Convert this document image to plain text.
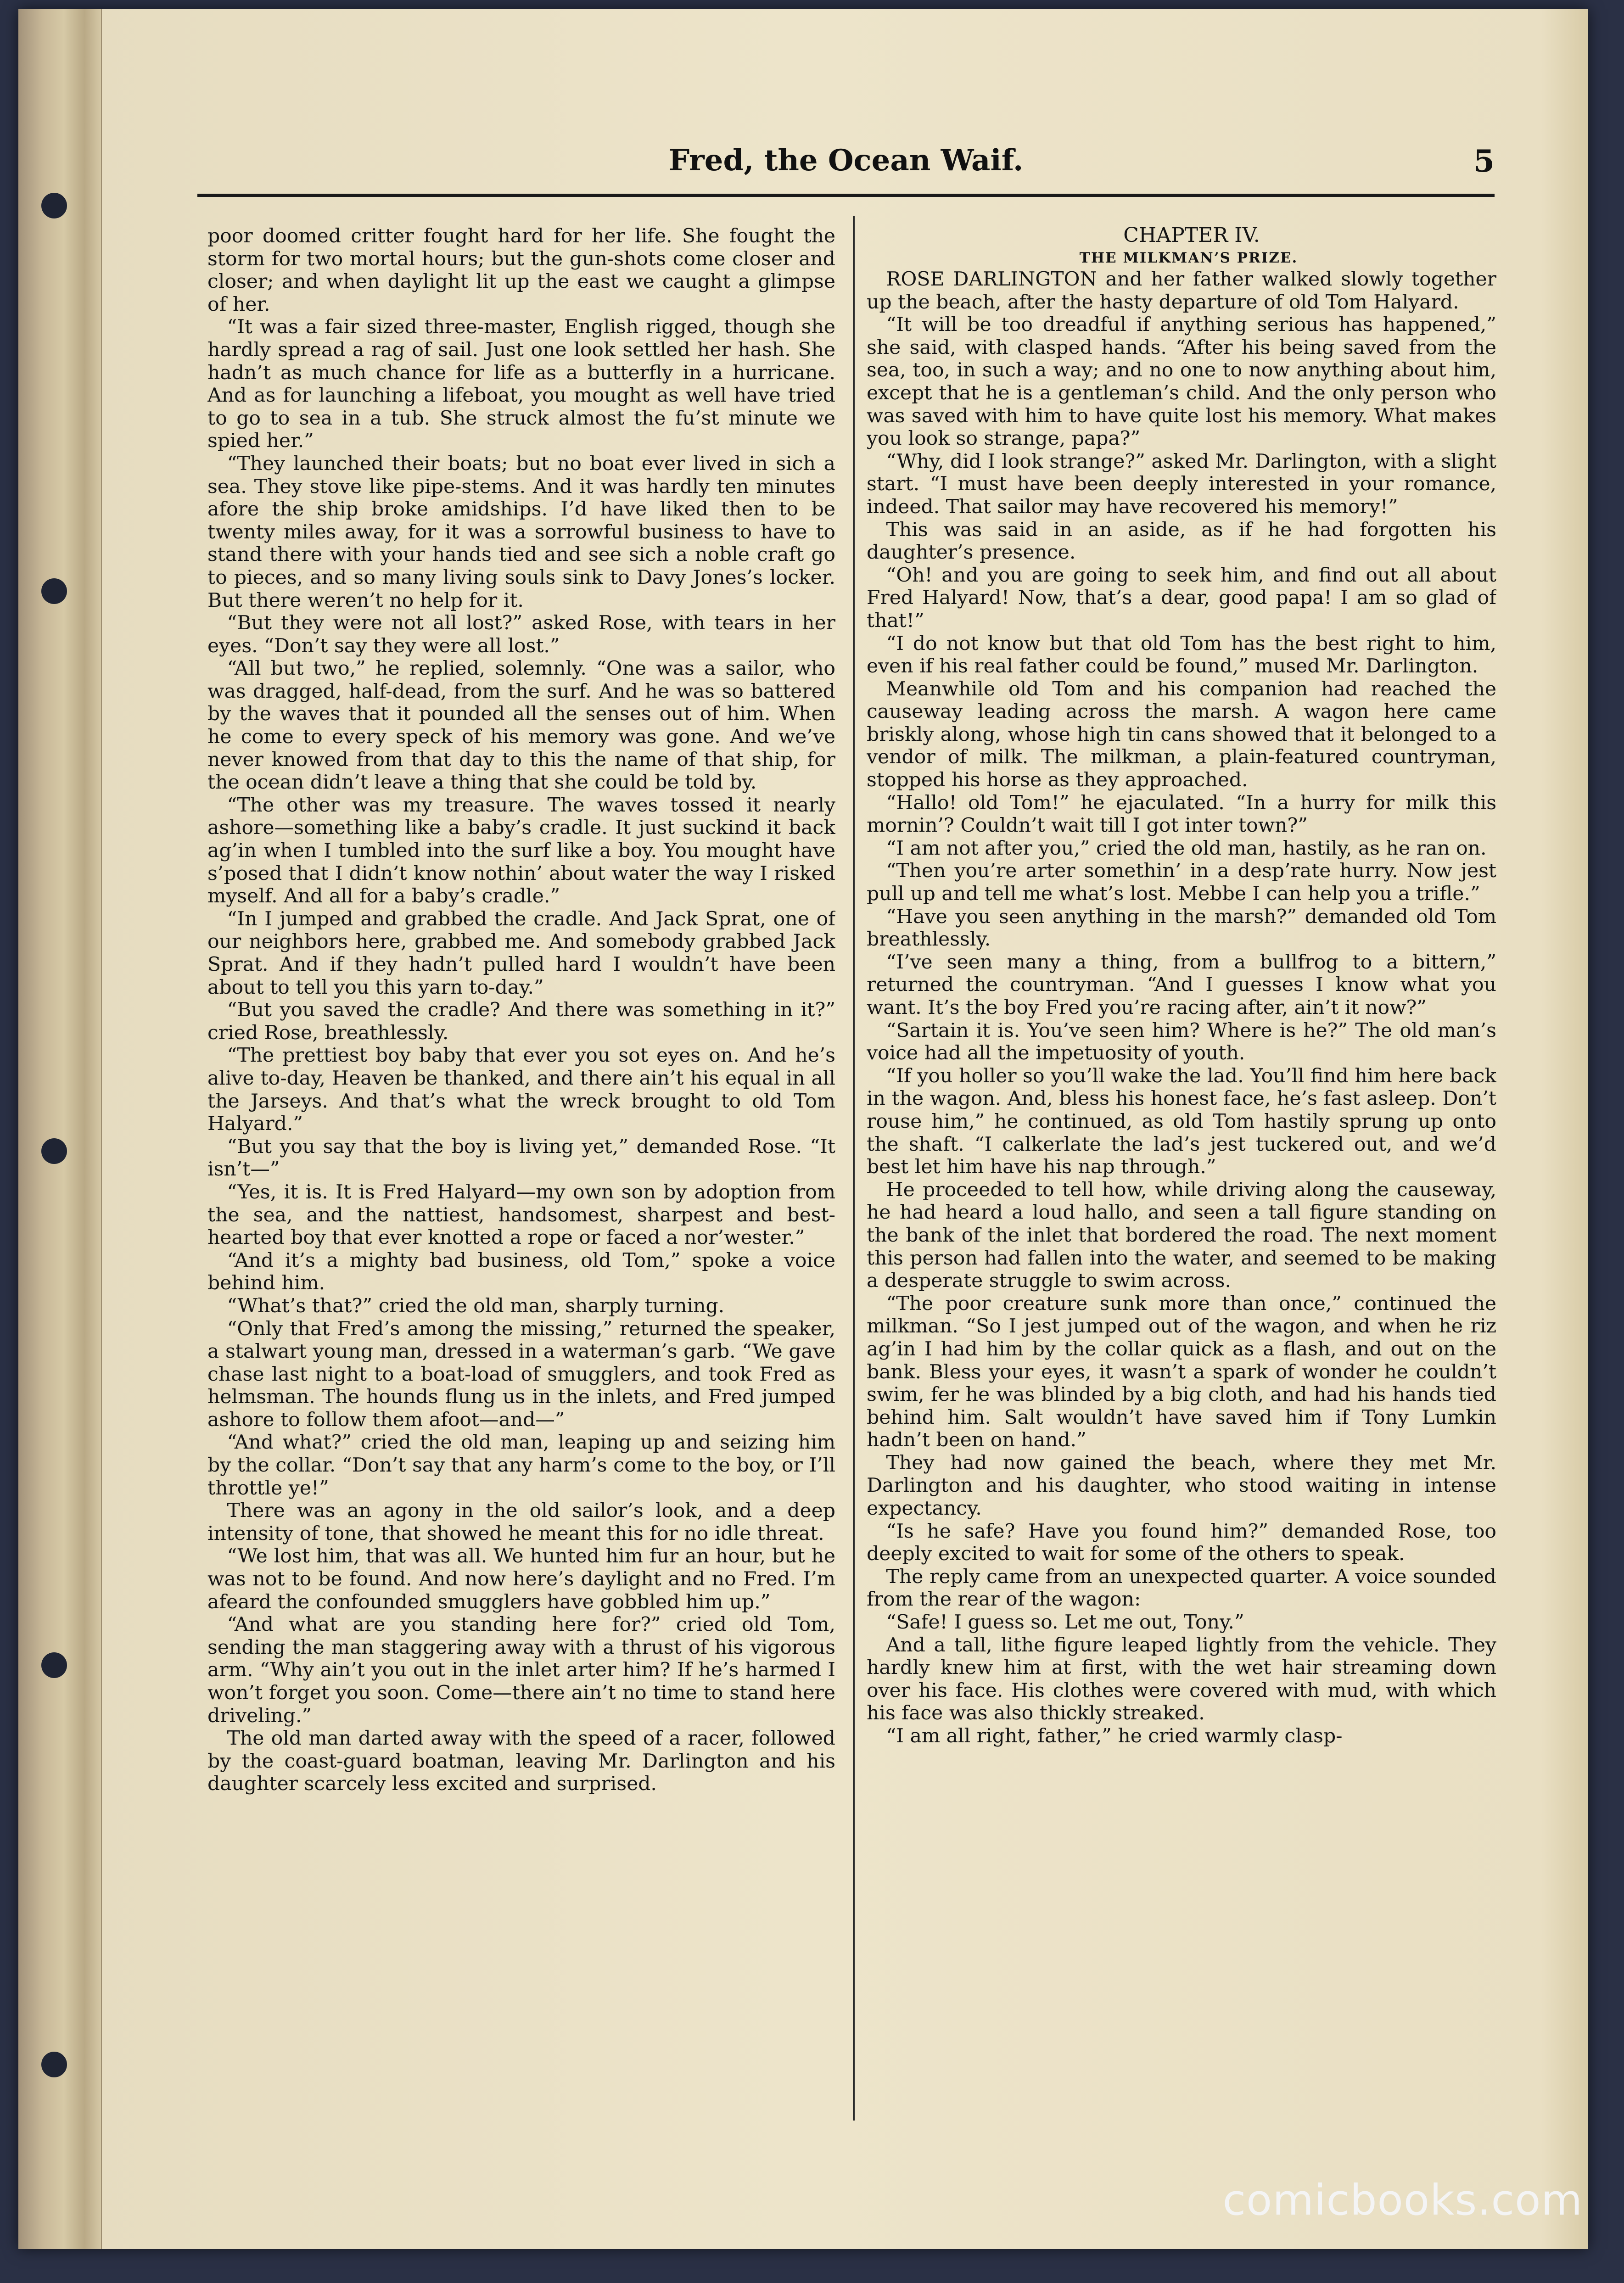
Fred, the Ocean Waif.	5

poor doomed critter fought hard for her life. She fought the storm for two mortal hours; but the gun-shots come closer and closer; and when daylight lit up the east we caught a glimpse of her.

“It was a fair sized three-master, English rigged, though she hardly spread a rag of sail. Just one look settled her hash. She hadn’t as much chance for life as a butterfly in a hurricane. And as for launching a lifeboat, you mought as well have tried to go to sea in a tub. She struck almost the fu’st minute we spied her.”

“They launched their boats; but no boat ever lived in sich a sea. They stove like pipe-stems. And it was hardly ten minutes afore the ship broke amidships. I’d have liked then to be twenty miles away, for it was a sorrowful business to have to stand there with your hands tied and see sich a noble craft go to pieces, and so many living souls sink to Davy Jones’s locker. But there weren’t no help for it.

“But they were not all lost?” asked Rose, with tears in her eyes. “Don’t say they were all lost.”

“All but two,” he replied, solemnly. “One was a sailor, who was dragged, half-dead, from the surf. And he was so battered by the waves that it pounded all the senses out of him. When he come to every speck of his memory was gone. And we’ve never knowed from that day to this the name of that ship, for the ocean didn’t leave a thing that she could be told by.

“The other was my treasure. The waves tossed it nearly ashore—something like a baby’s cradle. It just suckind it back ag’in when I tumbled into the surf like a boy. You mought have s’posed that I didn’t know nothin’ about water the way I risked myself. And all for a baby’s cradle.”

“In I jumped and grabbed the cradle. And Jack Sprat, one of our neighbors here, grabbed me. And somebody grabbed Jack Sprat. And if they hadn’t pulled hard I wouldn’t have been about to tell you this yarn to-day.”

“But you saved the cradle? And there was something in it?” cried Rose, breathlessly.

“The prettiest boy baby that ever you sot eyes on. And he’s alive to-day, Heaven be thanked, and there ain’t his equal in all the Jarseys. And that’s what the wreck brought to old Tom Halyard.”

“But you say that the boy is living yet,” demanded Rose. “It isn’t—”

“Yes, it is. It is Fred Halyard—my own son by adoption from the sea, and the nattiest, handsomest, sharpest and best-hearted boy that ever knotted a rope or faced a nor’wester.”

“And it’s a mighty bad business, old Tom,” spoke a voice behind him.

“What’s that?” cried the old man, sharply turning.

“Only that Fred’s among the missing,” returned the speaker, a stalwart young man, dressed in a waterman’s garb. “We gave chase last night to a boat-load of smugglers, and took Fred as helmsman. The hounds flung us in the inlets, and Fred jumped ashore to follow them afoot—and—”

“And what?” cried the old man, leaping up and seizing him by the collar. “Don’t say that any harm’s come to the boy, or I’ll throttle ye!”

There was an agony in the old sailor’s look, and a deep intensity of tone, that showed he meant this for no idle threat.

“We lost him, that was all. We hunted him fur an hour, but he was not to be found. And now here’s daylight and no Fred. I’m afeard the confounded smugglers have gobbled him up.”

“And what are you standing here for?” cried old Tom, sending the man staggering away with a thrust of his vigorous arm. “Why ain’t you out in the inlet arter him? If he’s harmed I won’t forget you soon. Come—there ain’t no time to stand here driveling.”

The old man darted away with the speed of a racer, followed by the coast-guard boatman, leaving Mr. Darlington and his daughter scarcely less excited and surprised.

CHAPTER IV.

THE MILKMAN’S PRIZE.

ROSE DARLINGTON and her father walked slowly together up the beach, after the hasty departure of old Tom Halyard.

“It will be too dreadful if anything serious has happened,” she said, with clasped hands. “After his being saved from the sea, too, in such a way; and no one to now anything about him, except that he is a gentleman’s child. And the only person who was saved with him to have quite lost his memory. What makes you look so strange, papa?”

“Why, did I look strange?” asked Mr. Darlington, with a slight start. “I must have been deeply interested in your romance, indeed. That sailor may have recovered his memory!”

This was said in an aside, as if he had forgotten his daughter’s presence.

“Oh! and you are going to seek him, and find out all about Fred Halyard! Now, that’s a dear, good papa! I am so glad of that!”

“I do not know but that old Tom has the best right to him, even if his real father could be found,” mused Mr. Darlington.

Meanwhile old Tom and his companion had reached the causeway leading across the marsh. A wagon here came briskly along, whose high tin cans showed that it belonged to a vendor of milk. The milkman, a plain-featured countryman, stopped his horse as they approached.

“Hallo! old Tom!” he ejaculated. “In a hurry for milk this mornin’? Couldn’t wait till I got inter town?”

“I am not after you,” cried the old man, hastily, as he ran on.

“Then you’re arter somethin’ in a desp’rate hurry. Now jest pull up and tell me what’s lost. Mebbe I can help you a trifle.”

“Have you seen anything in the marsh?” demanded old Tom breathlessly.

“I’ve seen many a thing, from a bullfrog to a bittern,” returned the countryman. “And I guesses I know what you want. It’s the boy Fred you’re racing after, ain’t it now?”

“Sartain it is. You’ve seen him? Where is he?” The old man’s voice had all the impetuosity of youth.

“If you holler so you’ll wake the lad. You’ll find him here back in the wagon. And, bless his honest face, he’s fast asleep. Don’t rouse him,” he continued, as old Tom hastily sprung up onto the shaft. “I calkerlate the lad’s jest tuckered out, and we’d best let him have his nap through.”

He proceeded to tell how, while driving along the causeway, he had heard a loud hallo, and seen a tall figure standing on the bank of the inlet that bordered the road. The next moment this person had fallen into the water, and seemed to be making a desperate struggle to swim across.

“The poor creature sunk more than once,” continued the milkman. “So I jest jumped out of the wagon, and when he riz ag’in I had him by the collar quick as a flash, and out on the bank. Bless your eyes, it wasn’t a spark of wonder he couldn’t swim, fer he was blinded by a big cloth, and had his hands tied behind him. Salt wouldn’t have saved him if Tony Lumkin hadn’t been on hand.”

They had now gained the beach, where they met Mr. Darlington and his daughter, who stood waiting in intense expectancy.

“Is he safe? Have you found him?” demanded Rose, too deeply excited to wait for some of the others to speak.

The reply came from an unexpected quarter. A voice sounded from the rear of the wagon:

“Safe! I guess so. Let me out, Tony.”

And a tall, lithe figure leaped lightly from the vehicle. They hardly knew him at first, with the wet hair streaming down over his face. His clothes were covered with mud, with which his face was also thickly streaked.

“I am all right, father,” he cried warmly clasp-

comicbooks.com
